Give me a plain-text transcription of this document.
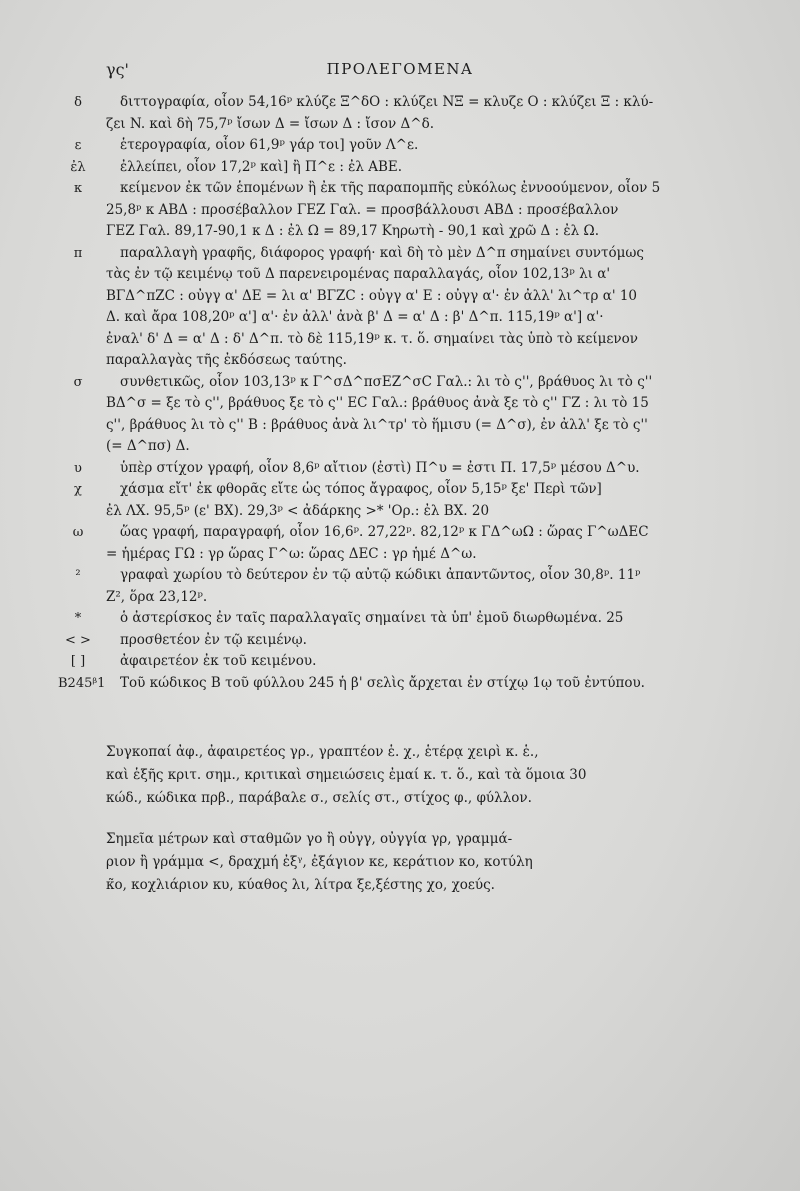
γς'	ΠΡΟΛΕΓΟΜΕΝΑ
δ	διττογραφία, οἷον 54,16ᵖ κλύζε Ξ^δO : κλύζει ΝΞ = κλυζε O : κλύζει Ξ : κλύ-
ζει N. καὶ δὴ 75,7ᵖ ἴσων Δ = ἴσων Δ : ἴσον Δ^δ.
ε	ἑτερογραφία, οἷον 61,9ᵖ γάρ τοι] γοῦν Λ^ε.
ἐλ	ἐλλείπει, οἷον 17,2ᵖ καὶ] ἢ Π^ε : ἐλ ABE.
κ	κείμενον ἐκ τῶν ἑπομένων ἢ ἐκ τῆς παραπομπῆς εὐκόλως ἐννοούμενον, οἷον 5
25,8ᵖ κ ΑΒΔ : προσέβαλλον ΓΕΖ Γαλ. = προσβάλλουσι ΑΒΔ : προσέβαλλον
ΓΕΖ Γαλ. 89,17-90,1 κ Δ : ἐλ Ω = 89,17 Κηρωτὴ - 90,1 καὶ χρῶ Δ : ἐλ Ω.
π	παραλλαγὴ γραφῆς, διάφορος γραφή· καὶ δὴ τὸ μὲν Δ^π σημαίνει συντόμως
τὰς ἐν τῷ κειμένῳ τοῦ Δ παρενειρομένας παραλλαγάς, οἷον 102,13ᵖ λι α'
ΒΓΔ^πZC : οὐγγ α' ΔΕ = λι α' ΒΓΖC : οὐγγ α' Ε : οὐγγ α'· ἐν ἀλλ' λι^τρ α' 10
Δ. καὶ ἄρα 108,20ᵖ α'] α'· ἐν ἀλλ' ἀνὰ β' Δ = α' Δ : β' Δ^π. 115,19ᵖ α'] α'·
ἐναλ' δ' Δ = α' Δ : δ' Δ^π. τὸ δὲ 115,19ᵖ κ. τ. ὅ. σημαίνει τὰς ὑπὸ τὸ κείμενον
παραλλαγὰς τῆς ἐκδόσεως ταύτης.
σ	συνθετικῶς, οἷον 103,13ᵖ κ Γ^σΔ^πσΕΖ^σC Γαλ.: λι τὸ ς'', βράθυος λι τὸ ς''
ΒΔ^σ = ξε τὸ ς'', βράθυος ξε τὸ ς'' EC Γαλ.: βράθυος ἀνὰ ξε τὸ ς'' ΓΖ : λι τὸ 15
ς'', βράθυος λι τὸ ς'' Β : βράθυος ἀνὰ λι^τρ' τὸ ἥμισυ (= Δ^σ), ἐν ἀλλ' ξε τὸ ς''
(= Δ^πσ) Δ.
υ	ὑπὲρ στίχον γραφή, οἷον 8,6ᵖ αἴτιον (ἐστὶ) Π^υ = ἐστι Π. 17,5ᵖ μέσου Δ^υ.
χ	χάσμα εἴτ' ἐκ φθορᾶς εἴτε ὡς τόπος ἄγραφος, οἷον 5,15ᵖ ξε' Περὶ τῶν]
ἐλ ΛΧ. 95,5ᵖ (ε' ΒΧ). 29,3ᵖ < ἀδάρκης >* 'Ορ.: ἐλ ΒΧ. 20
ω	ὥας γραφή, παραγραφή, οἷον 16,6ᵖ. 27,22ᵖ. 82,12ᵖ κ ΓΔ^ωΩ : ὥρας Γ^ωΔEC
= ἡμέρας ΓΩ : γρ ὥρας Γ^ω: ὥρας ΔΕC : γρ ἡμέ Δ^ω.
²	γραφαὶ χωρίου τὸ δεύτερον ἐν τῷ αὐτῷ κώδικι ἀπαντῶντος, οἷον 30,8ᵖ. 11ᵖ
Ζ², ὅρα 23,12ᵖ.
*	ὁ ἀστερίσκος ἐν ταῖς παραλλαγαῖς σημαίνει τὰ ὑπ' ἐμοῦ διωρθωμένα. 25
< >	προσθετέον ἐν τῷ κειμένῳ.
[ ]	ἀφαιρετέον ἐκ τοῦ κειμένου.
Β245ᵝ1	Τοῦ κώδικος Β τοῦ φύλλου 245 ἡ β' σελὶς ἄρχεται ἐν στίχῳ 1ῳ τοῦ ἐντύπου.
Συγκοπαί ἀφ., ἀφαιρετέος γρ., γραπτέον ἑ. χ., ἑτέρᾳ χειρὶ κ. ἑ.,
καὶ ἑξῆς κριτ. σημ., κριτικαὶ σημειώσεις ἐμαί κ. τ. ὅ., καὶ τὰ ὅμοια 30
κώδ., κώδικα πρβ., παράβαλε σ., σελίς στ., στίχος φ., φύλλον.
Σημεῖα μέτρων καὶ σταθμῶν γο ἢ οὐγγ, οὐγγία γρ, γραμμά-
ριον ἢ γράμμα <, δραχμή ἐξᵞ, ἐξάγιον κε, κεράτιον κο, κοτύλη
κ̃ο, κοχλιάριον κυ, κύαθος λι, λίτρα ξε,ξέστης χο, χοεύς.
